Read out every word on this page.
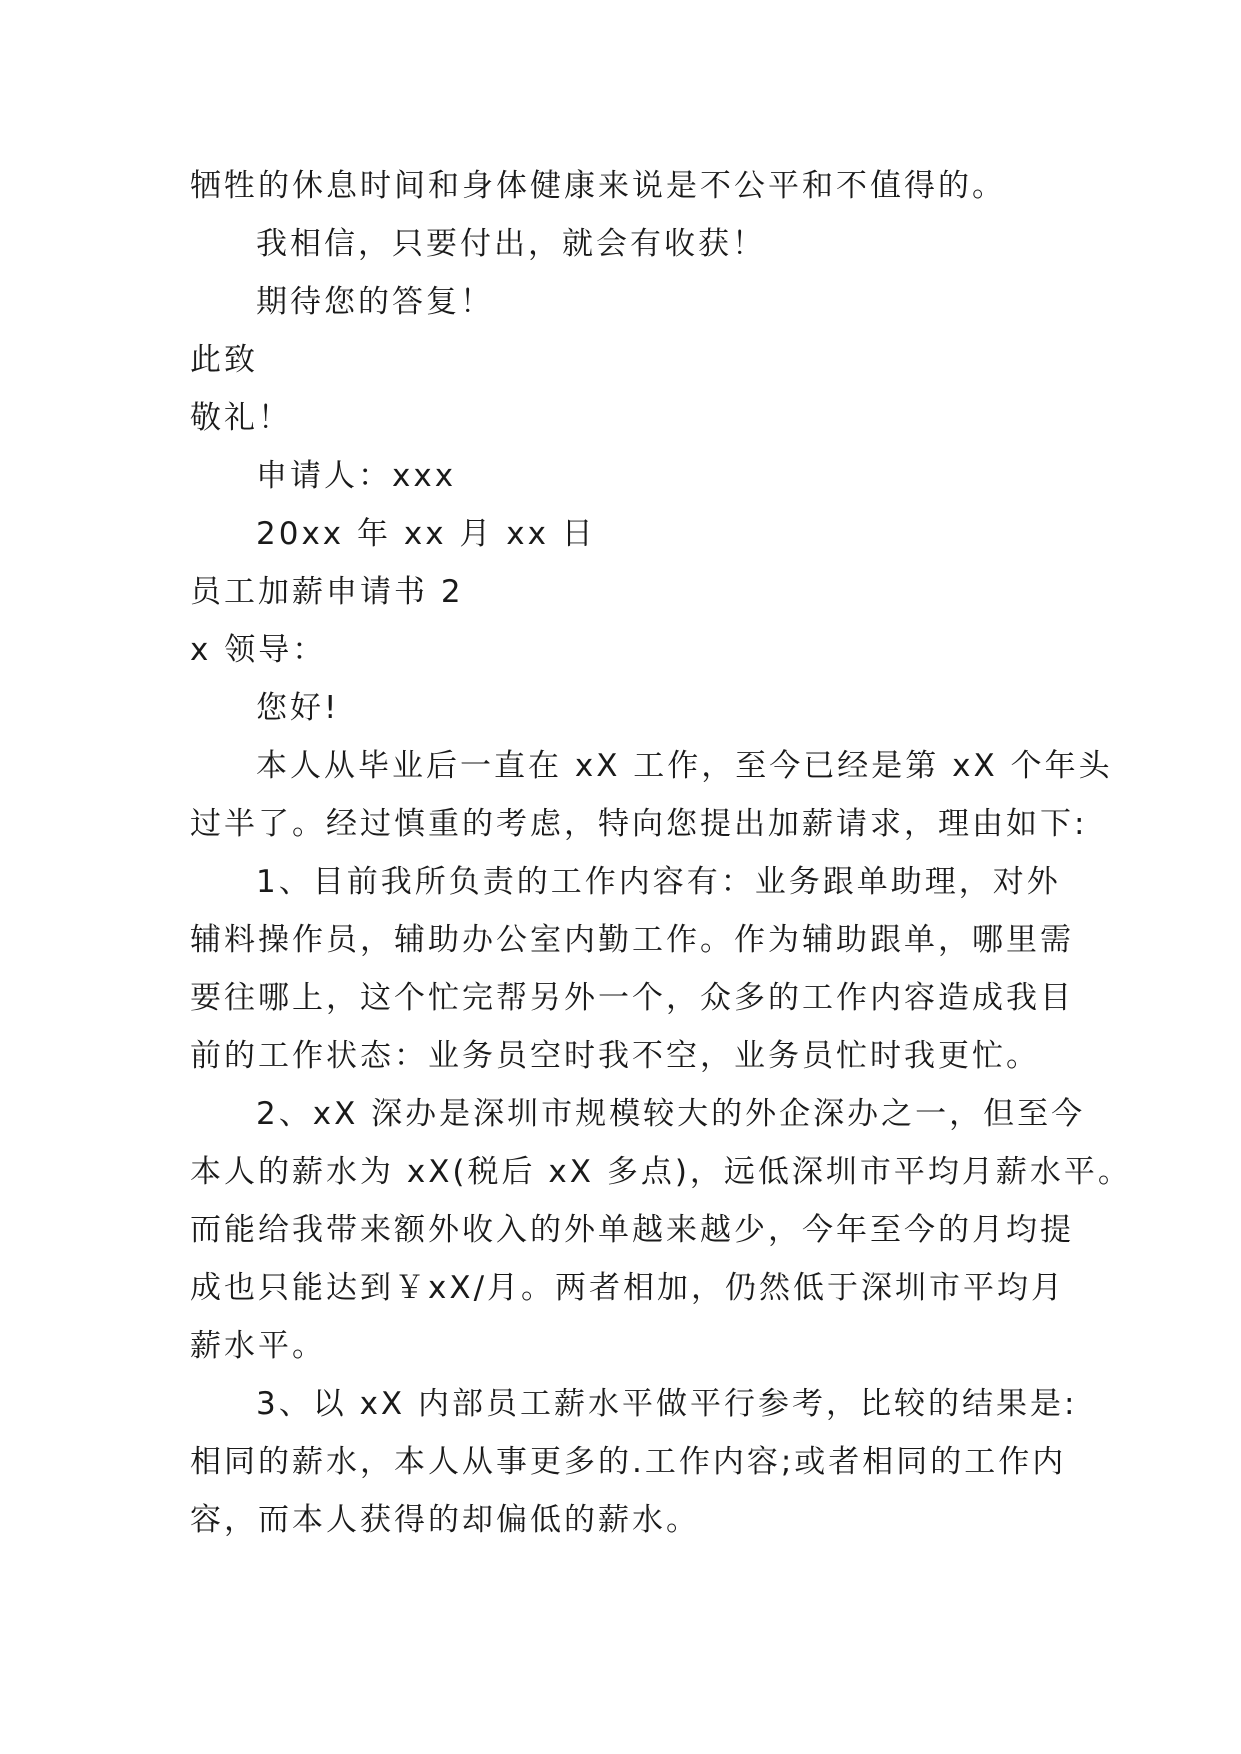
牺牲的休息时间和身体健康来说是不公平和不值得的。

我相信，只要付出，就会有收获！

期待您的答复！

此致

敬礼！

申请人：xxx

20xx 年 xx 月 xx 日

员工加薪申请书 2

x 领导：

您好!

本人从毕业后一直在 xX 工作，至今已经是第 xX 个年头

过半了。经过慎重的考虑，特向您提出加薪请求，理由如下:

1、目前我所负责的工作内容有：业务跟单助理，对外

辅料操作员，辅助办公室内勤工作。作为辅助跟单，哪里需

要往哪上，这个忙完帮另外一个，众多的工作内容造成我目

前的工作状态：业务员空时我不空，业务员忙时我更忙。

2、xX 深办是深圳市规模较大的外企深办之一，但至今

本人的薪水为 xX(税后 xX 多点)，远低深圳市平均月薪水平。

而能给我带来额外收入的外单越来越少，今年至今的月均提

成也只能达到￥xX/月。两者相加，仍然低于深圳市平均月

薪水平。

3、以 xX 内部员工薪水平做平行参考，比较的结果是:

相同的薪水，本人从事更多的.工作内容;或者相同的工作内

容，而本人获得的却偏低的薪水。
